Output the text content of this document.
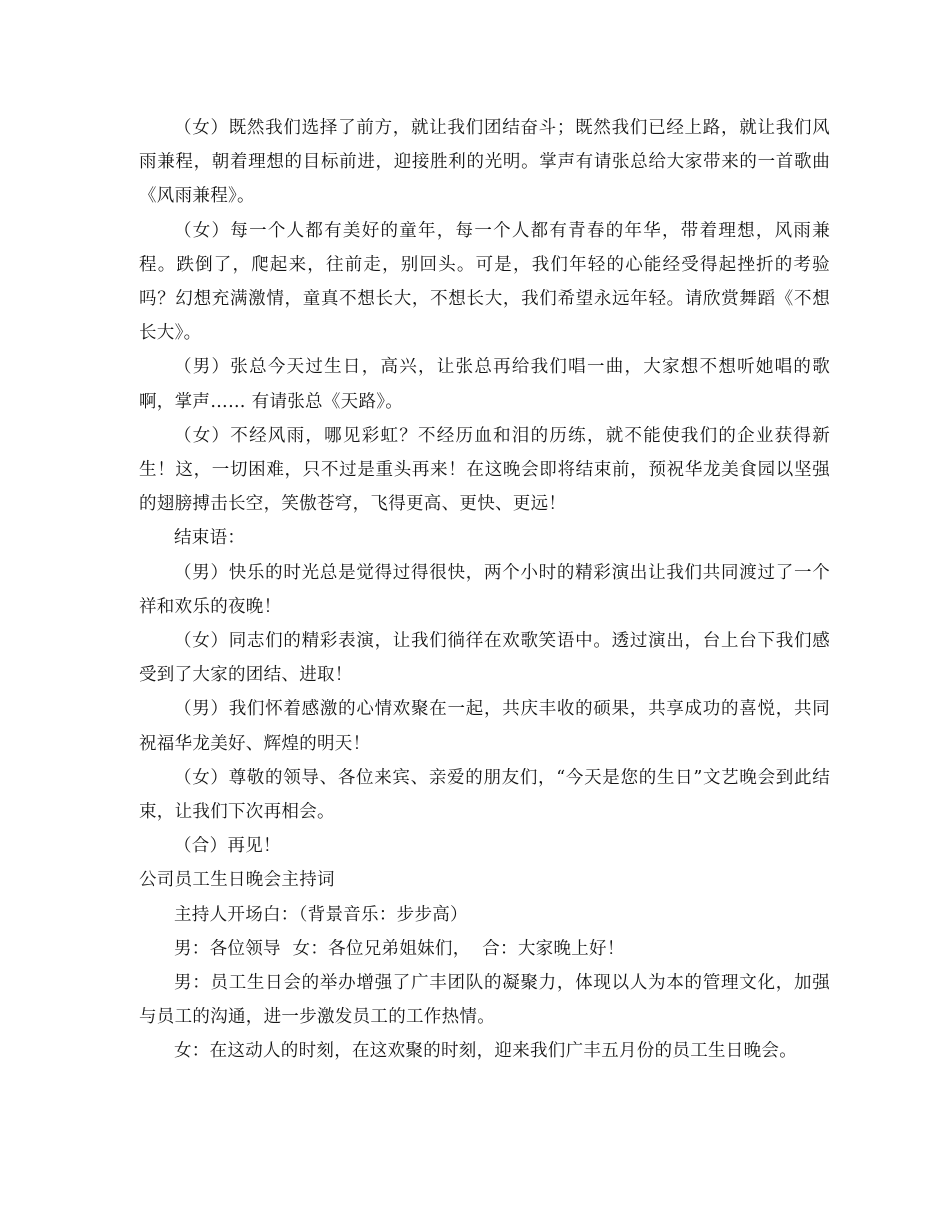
（女）既然我们选择了前方，就让我们团结奋斗；既然我们已经上路，就让我们风雨兼程，朝着理想的目标前进，迎接胜利的光明。掌声有请张总给大家带来的一首歌曲《风雨兼程》。

（女）每一个人都有美好的童年，每一个人都有青春的年华，带着理想，风雨兼程。跌倒了，爬起来，往前走，别回头。可是，我们年轻的心能经受得起挫折的考验吗？幻想充满激情，童真不想长大，不想长大，我们希望永远年轻。请欣赏舞蹈《不想长大》。

（男）张总今天过生日，高兴，让张总再给我们唱一曲，大家想不想听她唱的歌啊，掌声…… 有请张总《天路》。

（女）不经风雨，哪见彩虹？不经历血和泪的历练，就不能使我们的企业获得新生！这，一切困难，只不过是重头再来！在这晚会即将结束前，预祝华龙美食园以坚强的翅膀搏击长空，笑傲苍穹，飞得更高、更快、更远！

结束语：

（男）快乐的时光总是觉得过得很快，两个小时的精彩演出让我们共同渡过了一个祥和欢乐的夜晚！

（女）同志们的精彩表演，让我们徜徉在欢歌笑语中。透过演出，台上台下我们感受到了大家的团结、进取！

（男）我们怀着感激的心情欢聚在一起，共庆丰收的硕果，共享成功的喜悦，共同祝福华龙美好、辉煌的明天！

（女）尊敬的领导、各位来宾、亲爱的朋友们，“今天是您的生日”文艺晚会到此结束，让我们下次再相会。

（合）再见！

公司员工生日晚会主持词

主持人开场白：（背景音乐：步步高）

男：各位领导  女：各位兄弟姐妹们，  合：大家晚上好！

男：员工生日会的举办增强了广丰团队的凝聚力，体现以人为本的管理文化，加强与员工的沟通，进一步激发员工的工作热情。

女：在这动人的时刻，在这欢聚的时刻，迎来我们广丰五月份的员工生日晚会。
